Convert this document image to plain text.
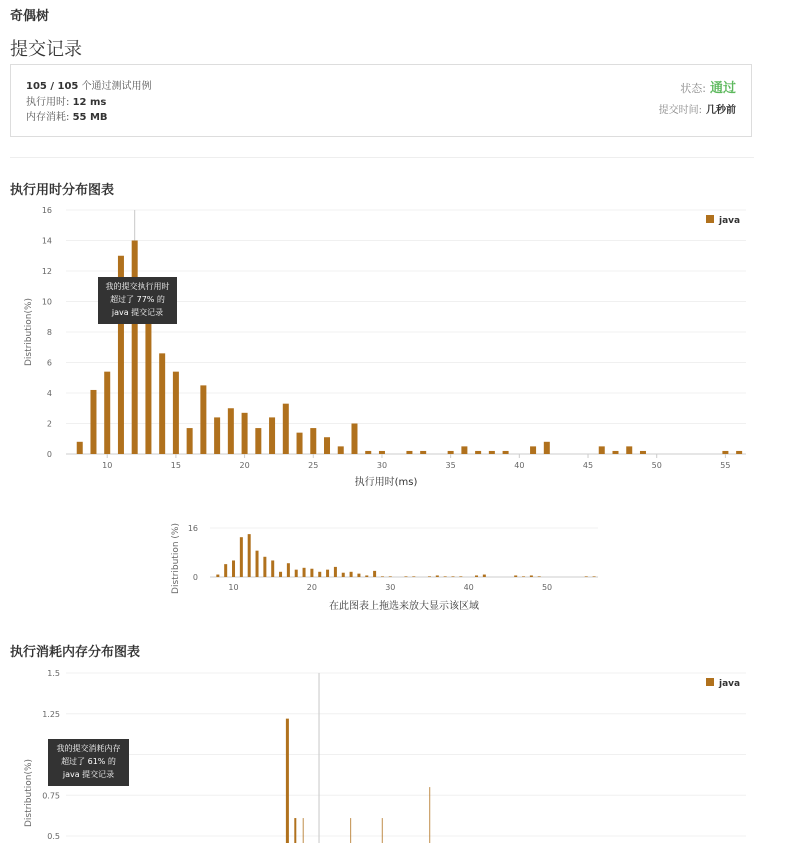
奇偶树
提交记录
105 / 105 个通过测试用例
执行用时: 12 ms
内存消耗: 55 MB
状态: 通过
提交时间: 几秒前
执行用时分布图表
0
2
4
6
8
10
12
14
16
10	15	20	25	30	35	40	45	50	55
执行用时(ms)
Distribution(%)
java
我的提交执行用时
超过了 77% 的
java 提交记录
0
16
10	20	30	40	50
Distribution (%)
在此图表上拖选来放大显示该区域
执行消耗内存分布图表
0.5
0.75
1.25
1.5
Distribution(%)
java
我的提交消耗内存
超过了 61% 的
java 提交记录
